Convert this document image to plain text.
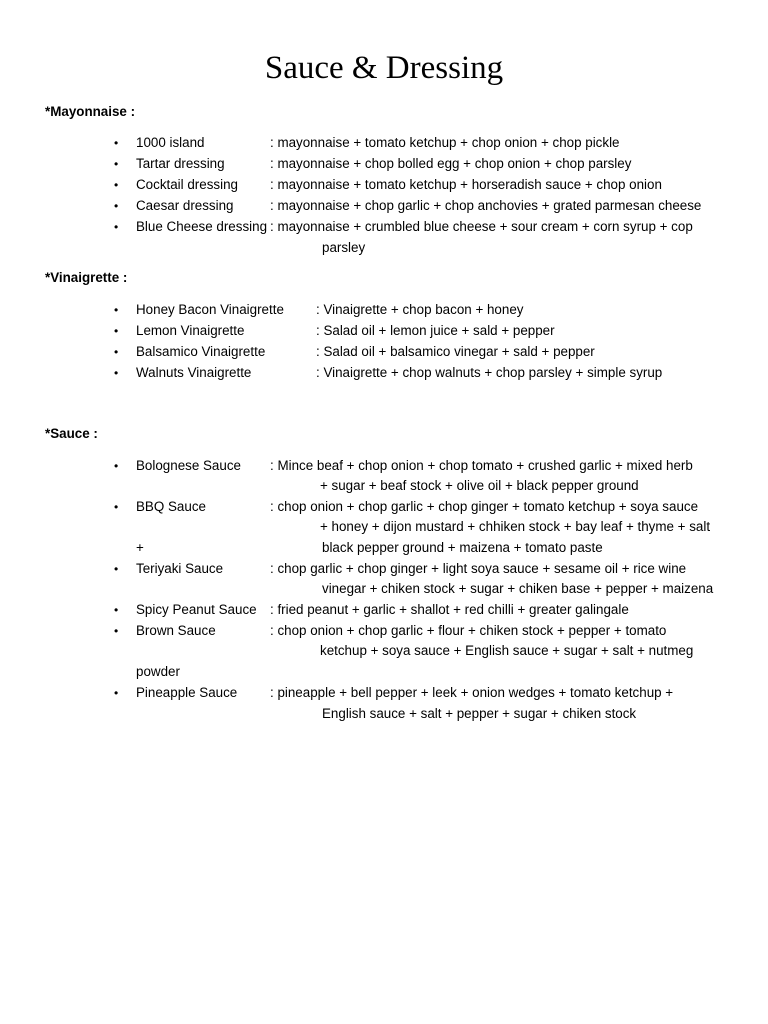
Sauce & Dressing
*Mayonnaise :
• 1000 island	: mayonnaise + tomato ketchup + chop onion + chop pickle
• Tartar dressing	: mayonnaise + chop bolled egg + chop onion + chop parsley
• Cocktail dressing : mayonnaise + tomato ketchup + horseradish sauce + chop onion
• Caesar dressing	: mayonnaise + chop garlic + chop anchovies + grated parmesan cheese
• Blue Cheese dressing : mayonnaise + crumbled blue cheese + sour cream + corn syrup + cop
parsley
*Vinaigrette :
• Honey Bacon Vinaigrette : Vinaigrette + chop bacon + honey
• Lemon Vinaigrette	: Salad oil + lemon juice + sald + pepper
• Balsamico Vinaigrette	: Salad oil + balsamico vinegar + sald + pepper
• Walnuts Vinaigrette	: Vinaigrette + chop walnuts + chop parsley + simple syrup
*Sauce :
• Bolognese Sauce : Mince beaf + chop onion + chop tomato + crushed garlic + mixed herb
+ sugar + beaf stock + olive oil + black pepper ground
• BBQ Sauce	: chop onion + chop garlic + chop ginger + tomato ketchup + soya sauce
+ honey + dijon mustard + chhiken stock + bay leaf + thyme + salt
+	black pepper ground + maizena + tomato paste
• Teriyaki Sauce	: chop garlic + chop ginger + light soya sauce + sesame oil + rice wine
vinegar + chiken stock + sugar + chiken base + pepper + maizena
• Spicy Peanut Sauce : fried peanut + garlic + shallot + red chilli + greater galingale
• Brown Sauce	: chop onion + chop garlic + flour + chiken stock + pepper + tomato
ketchup + soya sauce + English sauce + sugar + salt + nutmeg
powder
• Pineapple Sauce : pineapple + bell pepper + leek + onion wedges + tomato ketchup +
English sauce + salt + pepper + sugar + chiken stock
